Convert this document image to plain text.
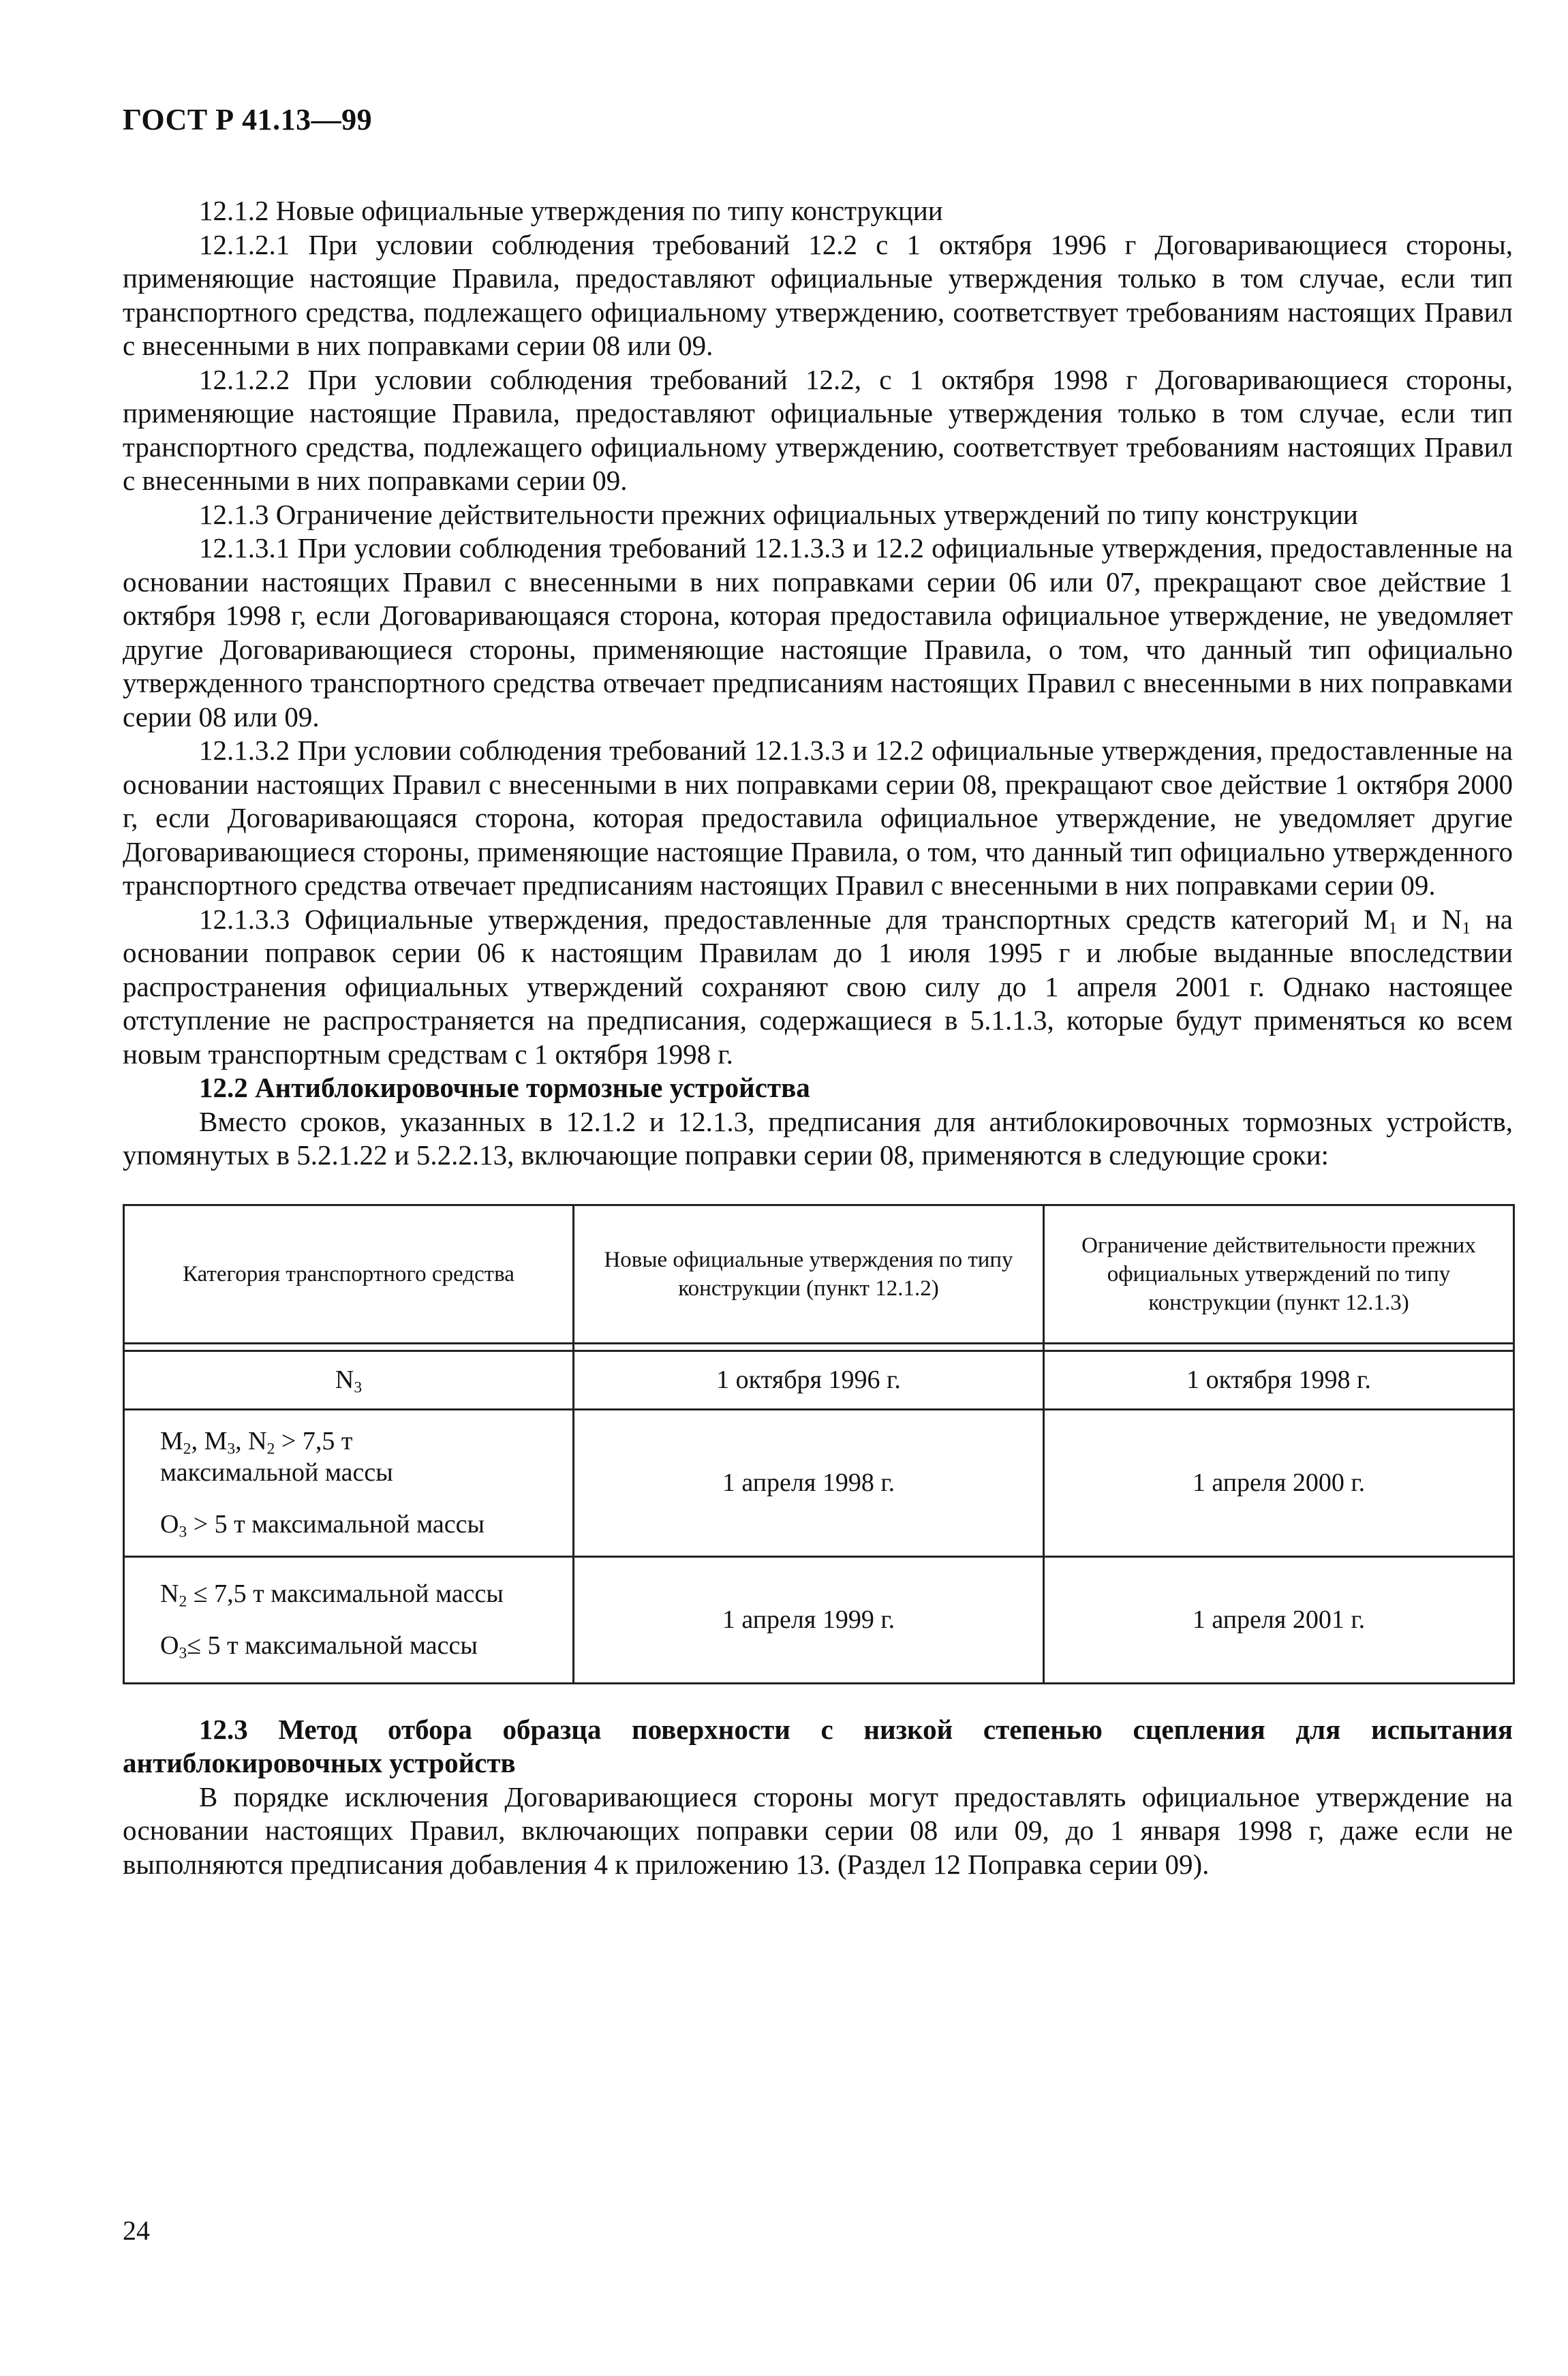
ГОСТ Р 41.13—99

12.1.2 Новые официальные утверждения по типу конструкции

12.1.2.1 При условии соблюдения требований 12.2 с 1 октября 1996 г Договаривающиеся стороны, применяющие настоящие Правила, предоставляют официальные утверждения только в том случае, если тип транспортного средства, подлежащего официальному утверждению, соответствует требованиям настоящих Правил с внесенными в них поправками серии 08 или 09.

12.1.2.2 При условии соблюдения требований 12.2, с 1 октября 1998 г Договаривающиеся стороны, применяющие настоящие Правила, предоставляют официальные утверждения только в том случае, если тип транспортного средства, подлежащего официальному утверждению, соответствует требованиям настоящих Правил с внесенными в них поправками серии 09.

12.1.3 Ограничение действительности прежних официальных утверждений по типу конструкции

12.1.3.1 При условии соблюдения требований 12.1.3.3 и 12.2 официальные утверждения, предоставленные на основании настоящих Правил с внесенными в них поправками серии 06 или 07, прекращают свое действие 1 октября 1998 г, если Договаривающаяся сторона, которая предоставила официальное утверждение, не уведомляет другие Договаривающиеся стороны, применяющие настоящие Правила, о том, что данный тип официально утвержденного транспортного средства отвечает предписаниям настоящих Правил с внесенными в них поправками серии 08 или 09.

12.1.3.2 При условии соблюдения требований 12.1.3.3 и 12.2 официальные утверждения, предоставленные на основании настоящих Правил с внесенными в них поправками серии 08, прекращают свое действие 1 октября 2000 г, если Договаривающаяся сторона, которая предоставила официальное утверждение, не уведомляет другие Договаривающиеся стороны, применяющие настоящие Правила, о том, что данный тип официально утвержденного транспортного средства отвечает предписаниям настоящих Правил с внесенными в них поправками серии 09.

12.1.3.3 Официальные утверждения, предоставленные для транспортных средств категорий $M_1$ и $N_1$ на основании поправок серии 06 к настоящим Правилам до 1 июля 1995 г и любые выданные впоследствии распространения официальных утверждений сохраняют свою силу до 1 апреля 2001 г. Однако настоящее отступление не распространяется на предписания, содержащиеся в 5.1.1.3, которые будут применяться ко всем новым транспортным средствам с 1 октября 1998 г.

12.2 Антиблокировочные тормозные устройства

Вместо сроков, указанных в 12.1.2 и 12.1.3, предписания для антиблокировочных тормозных устройств, упомянутых в 5.2.1.22 и 5.2.2.13, включающие поправки серии 08, применяются в следующие сроки:

Категория транспортного средства	Новые официальные утверждения по типу конструкции (пункт 12.1.2)	Ограничение действительности прежних официальных утверждений по типу конструкции (пункт 12.1.3)

$N_3$	1 октября 1996 г.	1 октября 1998 г.

$M_2$, $M_3$, $N_2 > 7,5$ т
максимальной массы
$O_3 > 5$ т максимальной массы	1 апреля 1998 г.	1 апреля 2000 г.

$N_2 \le 7,5$ т максимальной массы
$O_3\le 5$ т максимальной массы	1 апреля 1999 г.	1 апреля 2001 г.

12.3 Метод отбора образца поверхности с низкой степенью сцепления для испытания антиблокировочных устройств

В порядке исключения Договаривающиеся стороны могут предоставлять официальное утверждение на основании настоящих Правил, включающих поправки серии 08 или 09, до 1 января 1998 г, даже если не выполняются предписания добавления 4 к приложению 13. (Раздел 12 Поправка серии 09).

24
